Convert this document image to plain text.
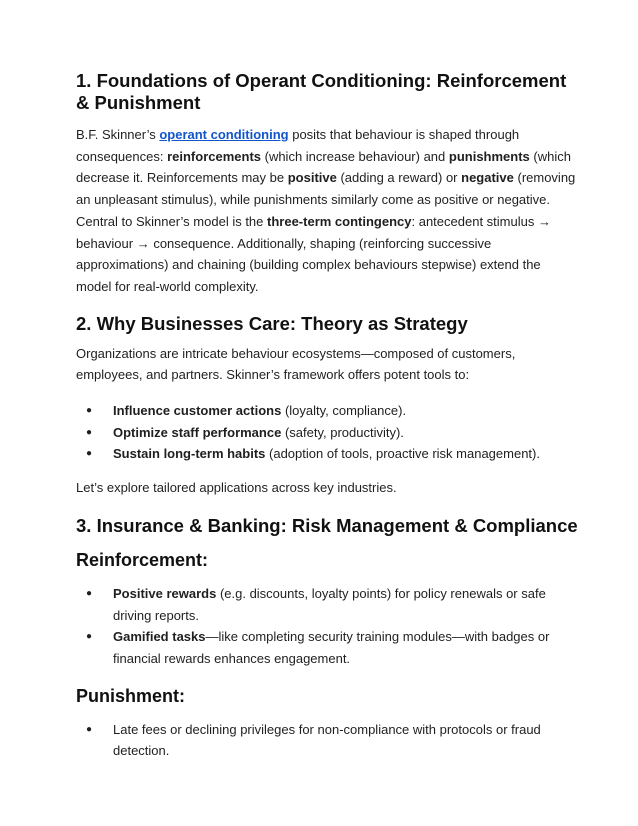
1. Foundations of Operant Conditioning: Reinforcement & Punishment

B.F. Skinner’s operant conditioning posits that behaviour is shaped through consequences: reinforcements (which increase behaviour) and punishments (which decrease it. Reinforcements may be positive (adding a reward) or negative (removing an unpleasant stimulus), while punishments similarly come as positive or negative. Central to Skinner’s model is the three-term contingency: antecedent stimulus → behaviour → consequence. Additionally, shaping (reinforcing successive approximations) and chaining (building complex behaviours stepwise) extend the model for real-world complexity.

2. Why Businesses Care: Theory as Strategy

Organizations are intricate behaviour ecosystems—composed of customers, employees, and partners. Skinner’s framework offers potent tools to:

● Influence customer actions (loyalty, compliance).
● Optimize staff performance (safety, productivity).
● Sustain long-term habits (adoption of tools, proactive risk management).

Let’s explore tailored applications across key industries.

3. Insurance & Banking: Risk Management & Compliance
Reinforcement:
● Positive rewards (e.g. discounts, loyalty points) for policy renewals or safe driving reports.
● Gamified tasks—like completing security training modules—with badges or financial rewards enhances engagement.
Punishment:
● Late fees or declining privileges for non-compliance with protocols or fraud detection.
